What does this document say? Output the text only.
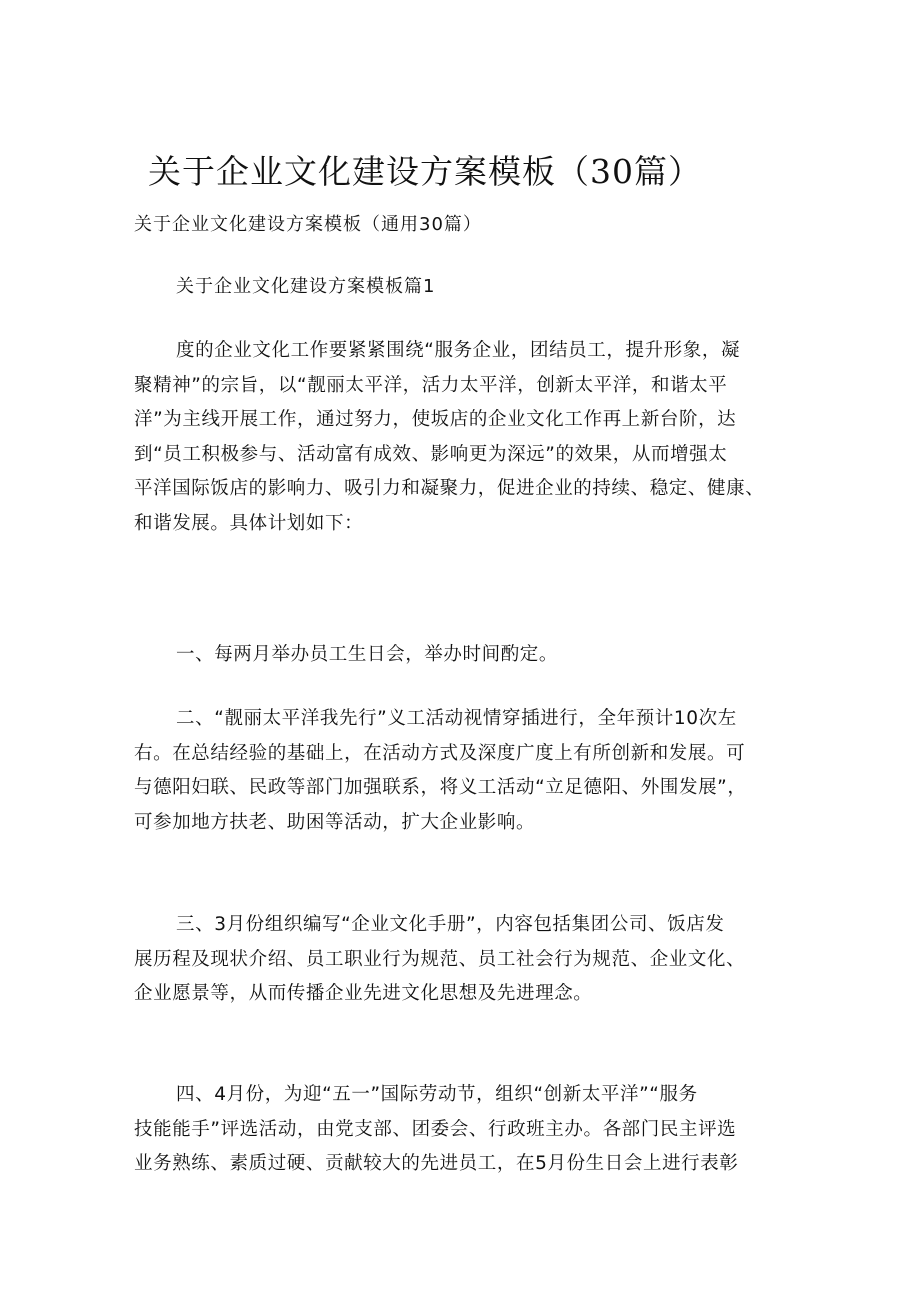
关于企业文化建设方案模板（30篇）
关于企业文化建设方案模板（通用30篇）
关于企业文化建设方案模板篇1
度的企业文化工作要紧紧围绕“服务企业，团结员工，提升形象，凝
聚精神”的宗旨，以“靓丽太平洋，活力太平洋，创新太平洋，和谐太平
洋”为主线开展工作，通过努力，使坂店的企业文化工作再上新台阶，达
到“员工积极参与、活动富有成效、影响更为深远”的效果，从而增强太
平洋国际饭店的影响力、吸引力和凝聚力，促进企业的持续、稳定、健康、
和谐发展。具体计划如下：
一、每两月举办员工生日会，举办时间酌定。
二、“靓丽太平洋我先行”义工活动视情穿插进行，全年预计10次左
右。在总结经验的基础上，在活动方式及深度广度上有所创新和发展。可
与德阳妇联、民政等部门加强联系，将义工活动“立足德阳、外围发展”，
可参加地方扶老、助困等活动，扩大企业影响。
三、3月份组织编写“企业文化手册”，内容包括集团公司、饭店发
展历程及现状介绍、员工职业行为规范、员工社会行为规范、企业文化、
企业愿景等，从而传播企业先进文化思想及先进理念。
四、4月份，为迎“五一”国际劳动节，组织“创新太平洋”“服务
技能能手”评选活动，由党支部、团委会、行政班主办。各部门民主评选
业务熟练、素质过硬、贡献较大的先进员工，在5月份生日会上进行表彰
